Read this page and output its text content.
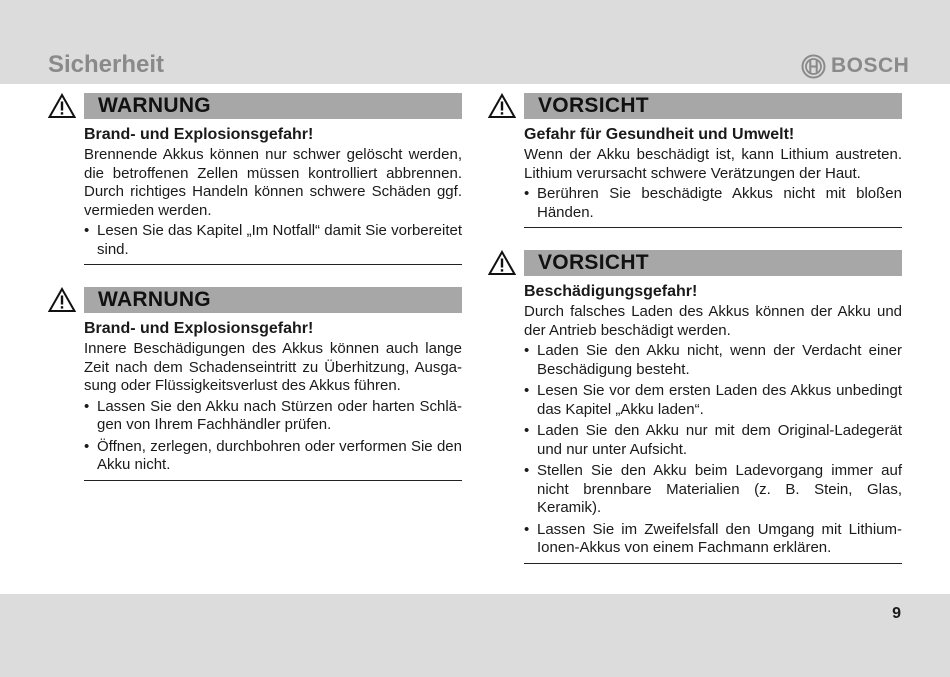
Sicherheit	BOSCH
WARNUNG
Brand- und Explosionsgefahr!
Brennende Akkus können nur schwer gelöscht werden, die betroffenen Zellen müssen kontrolliert abbrennen. Durch richtiges Handeln können schwere Schäden ggf. vermieden werden.
• Lesen Sie das Kapitel „Im Notfall“ damit Sie vorbereitet sind.
WARNUNG
Brand- und Explosionsgefahr!
Innere Beschädigungen des Akkus können auch lange Zeit nach dem Schadenseintritt zu Überhitzung, Ausgasung oder Flüssigkeitsverlust des Akkus führen.
• Lassen Sie den Akku nach Stürzen oder harten Schlägen von Ihrem Fachhändler prüfen.
• Öffnen, zerlegen, durchbohren oder verformen Sie den Akku nicht.
VORSICHT
Gefahr für Gesundheit und Umwelt!
Wenn der Akku beschädigt ist, kann Lithium austreten. Lithium verursacht schwere Verätzungen der Haut.
• Berühren Sie beschädigte Akkus nicht mit bloßen Händen.
VORSICHT
Beschädigungsgefahr!
Durch falsches Laden des Akkus können der Akku und der Antrieb beschädigt werden.
• Laden Sie den Akku nicht, wenn der Verdacht einer Beschädigung besteht.
• Lesen Sie vor dem ersten Laden des Akkus unbedingt das Kapitel „Akku laden“.
• Laden Sie den Akku nur mit dem Original-Ladegerät und nur unter Aufsicht.
• Stellen Sie den Akku beim Ladevorgang immer auf nicht brennbare Materialien (z. B. Stein, Glas, Keramik).
• Lassen Sie im Zweifelsfall den Umgang mit Lithium-Ionen-Akkus von einem Fachmann erklären.
9
